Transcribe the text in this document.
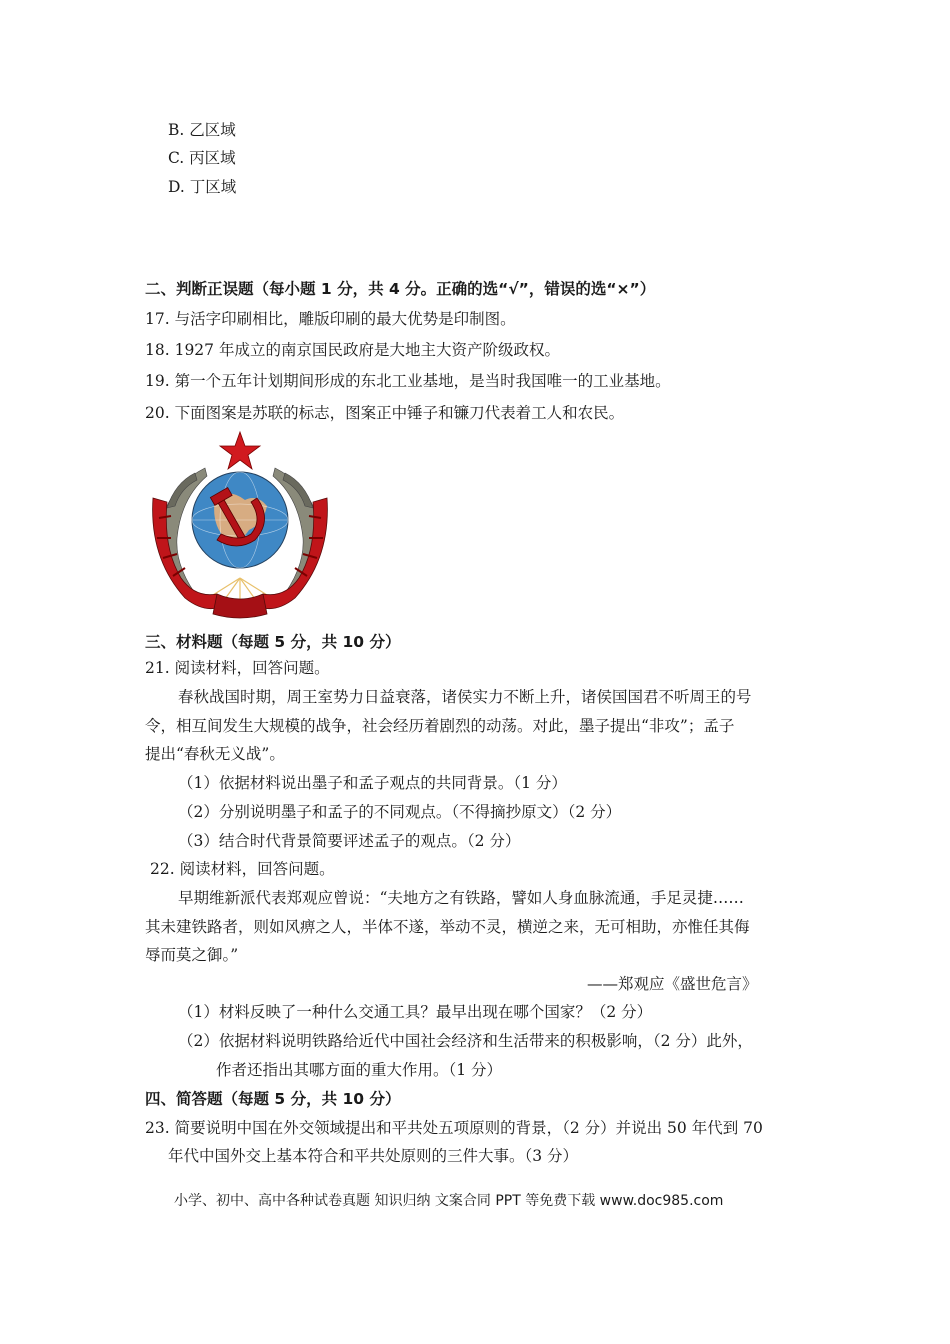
B. 乙区域
C. 丙区域
D. 丁区域
二、判断正误题（每小题 1 分，共 4 分。正确的选“√”，错误的选“×”）
17. 与活字印刷相比，雕版印刷的最大优势是印制图。
18. 1927 年成立的南京国民政府是大地主大资产阶级政权。
19. 第一个五年计划期间形成的东北工业基地，是当时我国唯一的工业基地。
20. 下面图案是苏联的标志，图案正中锤子和镰刀代表着工人和农民。
三、材料题（每题 5 分，共 10 分）
21. 阅读材料，回答问题。
春秋战国时期，周王室势力日益衰落，诸侯实力不断上升，诸侯国国君不听周王的号
令，相互间发生大规模的战争，社会经历着剧烈的动荡。对此，墨子提出“非攻”；孟子
提出“春秋无义战”。
（1）依据材料说出墨子和孟子观点的共同背景。（1 分）
（2）分别说明墨子和孟子的不同观点。（不得摘抄原文）（2 分）
（3）结合时代背景简要评述孟子的观点。（2 分）
22. 阅读材料，回答问题。
早期维新派代表郑观应曾说：“夫地方之有铁路，譬如人身血脉流通，手足灵捷……
其未建铁路者，则如风痹之人，半体不遂，举动不灵，横逆之来，无可相助，亦惟任其侮
辱而莫之御。”
——郑观应《盛世危言》
（1）材料反映了一种什么交通工具？最早出现在哪个国家？（2 分）
（2）依据材料说明铁路给近代中国社会经济和生活带来的积极影响，（2 分）此外，
作者还指出其哪方面的重大作用。（1 分）
四、简答题（每题 5 分，共 10 分）
23. 简要说明中国在外交领域提出和平共处五项原则的背景，（2 分）并说出 50 年代到 70
年代中国外交上基本符合和平共处原则的三件大事。（3 分）
小学、初中、高中各种试卷真题 知识归纳 文案合同 PPT 等免费下载 www.doc985.com
